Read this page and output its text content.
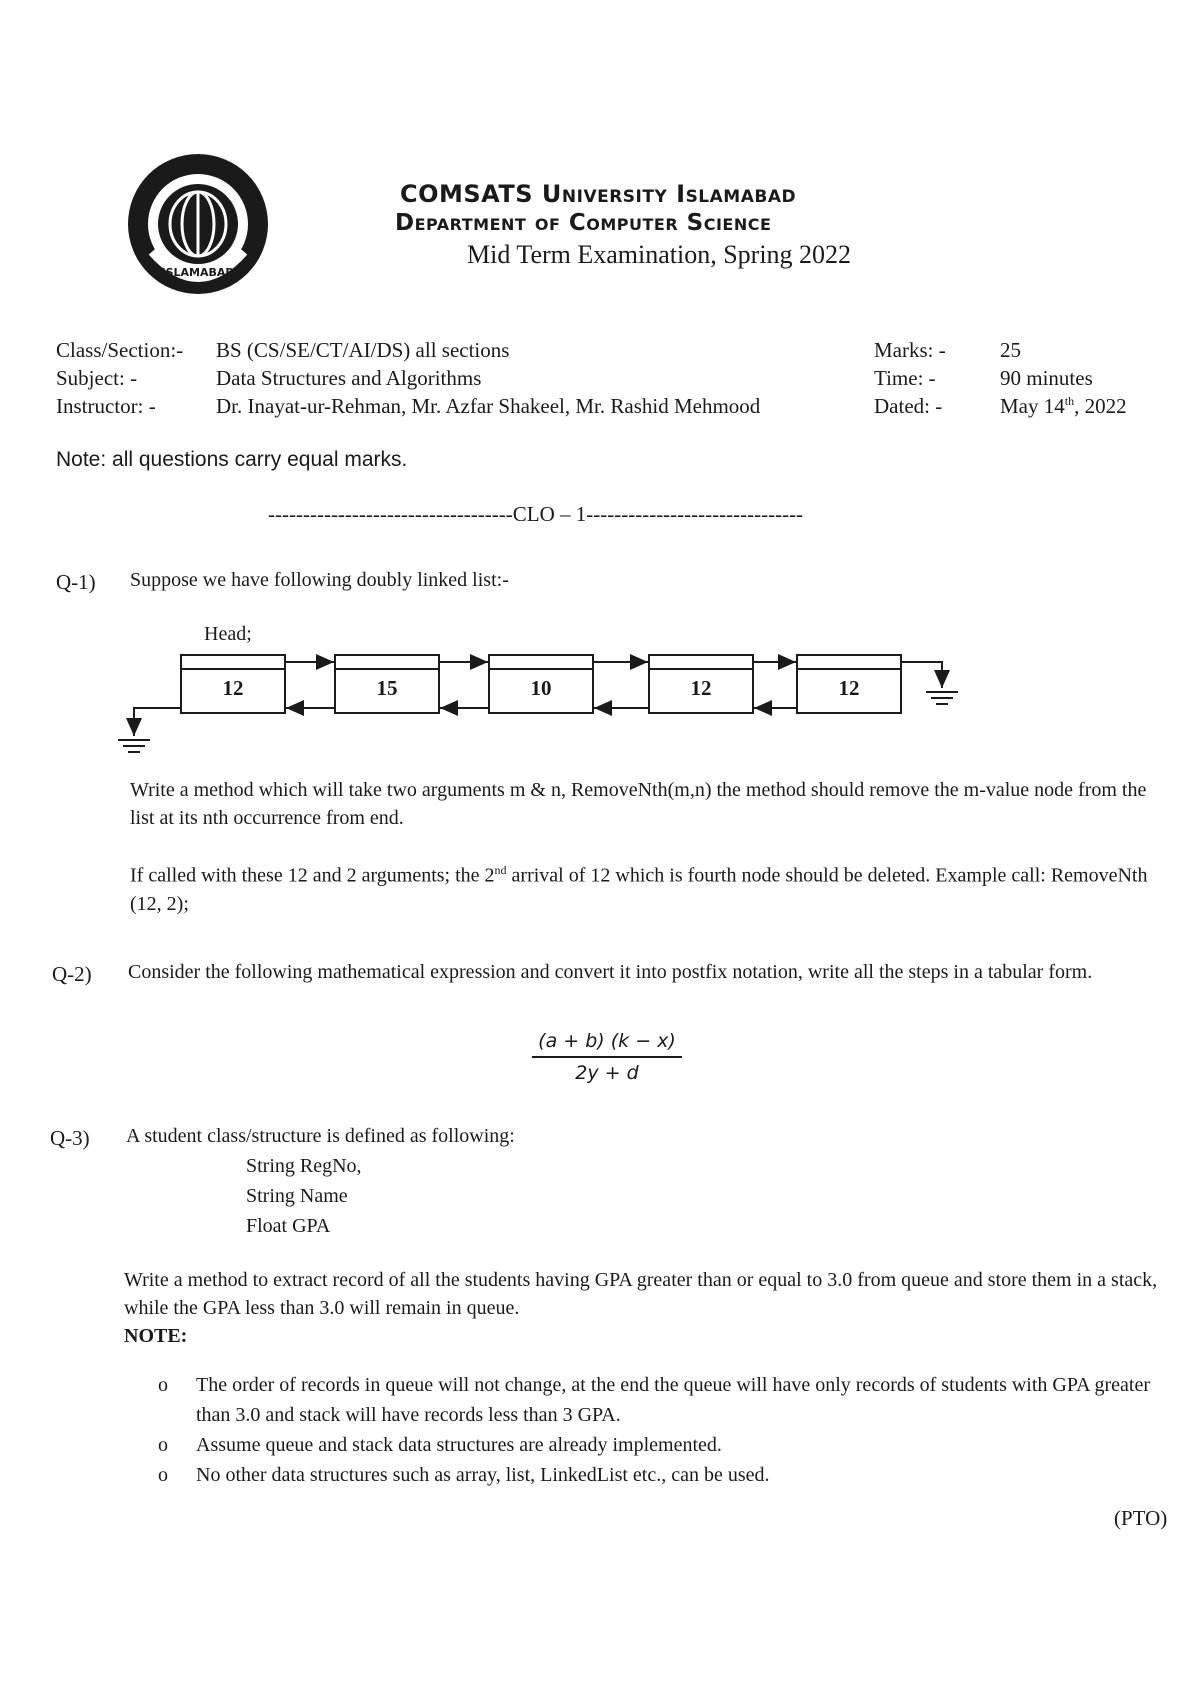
ISLAMABAD
COMSATS University Islamabad
Department of Computer Science
Mid Term Examination, Spring 2022
Class/Section:- BS (CS/SE/CT/AI/DS) all sections
Subject: -	Data Structures and Algorithms
Instructor: -	Dr. Inayat-ur-Rehman, Mr. Azfar Shakeel, Mr. Rashid Mehmood
Marks: -	25
Time: -	90 minutes
Dated: -	May 14th, 2022
Note: all questions carry equal marks.
-----------------------------------CLO – 1-------------------------------
Q-1) Suppose we have following doubly linked list:-
Head;
12	15	10	12	12
Write a method which will take two arguments m & n, RemoveNth(m,n) the method should remove the m-value node from the list at its nth occurrence from end.
If called with these 12 and 2 arguments; the 2nd arrival of 12 which is fourth node should be deleted. Example call: RemoveNth (12, 2);
Q-2) Consider the following mathematical expression and convert it into postfix notation, write all the steps in a tabular form.
$\frac{(a + b) (k - x)}{2y + d}$
Q-3) A student class/structure is defined as following:
String RegNo,
String Name
Float GPA
Write a method to extract record of all the students having GPA greater than or equal to 3.0 from queue and store them in a stack, while the GPA less than 3.0 will remain in queue.
NOTE:
o The order of records in queue will not change, at the end the queue will have only records of students with GPA greater than 3.0 and stack will have records less than 3 GPA.
o Assume queue and stack data structures are already implemented.
o No other data structures such as array, list, LinkedList etc., can be used.
(PTO)
